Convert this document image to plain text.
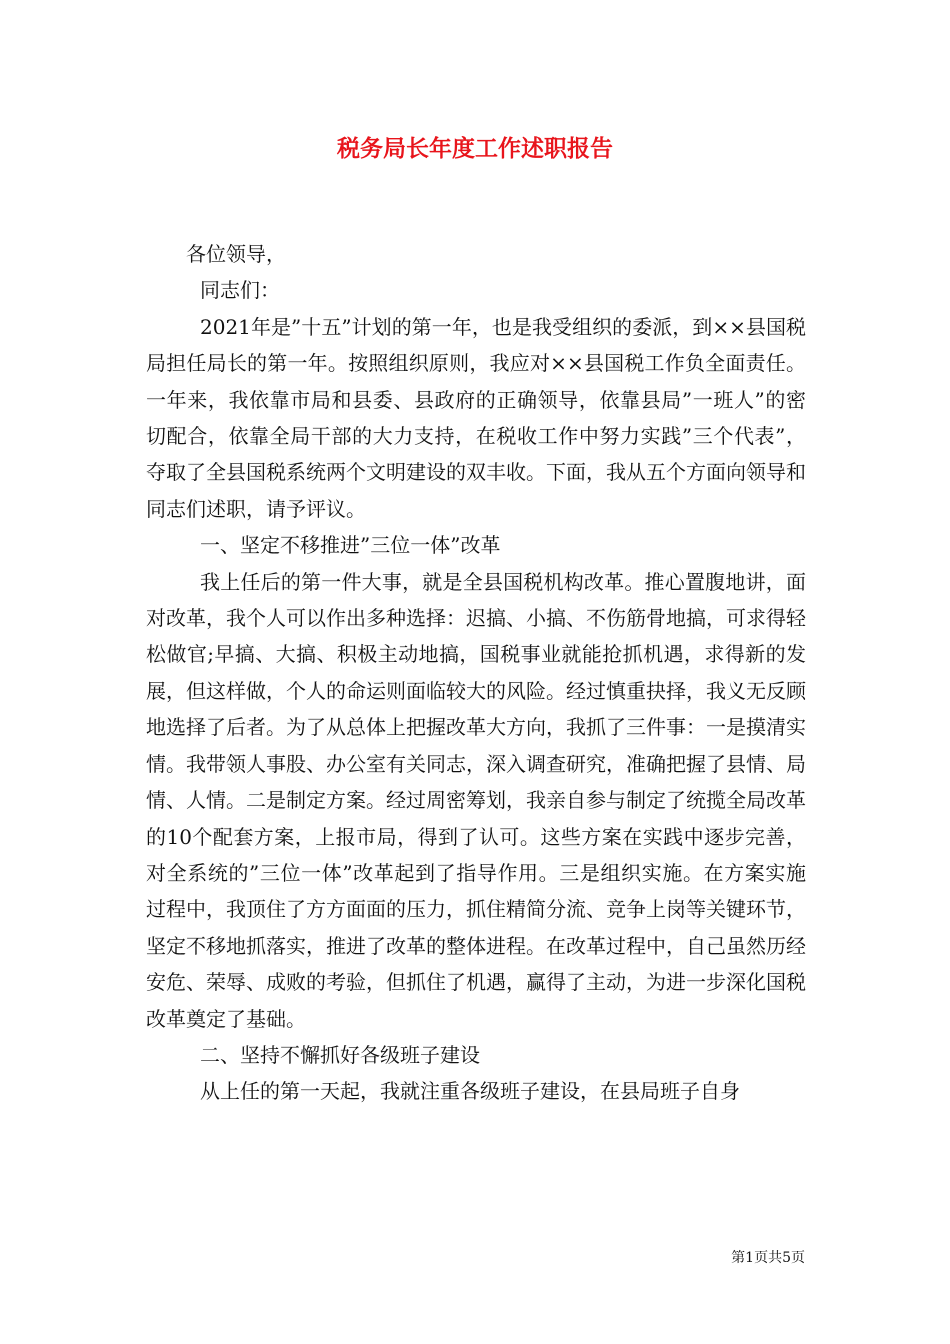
税务局长年度工作述职报告

各位领导，

同志们：

2021年是”十五”计划的第一年，也是我受组织的委派，到××县国税局担任局长的第一年。按照组织原则，我应对××县国税工作负全面责任。一年来，我依靠市局和县委、县政府的正确领导，依靠县局”一班人”的密切配合，依靠全局干部的大力支持，在税收工作中努力实践”三个代表”，夺取了全县国税系统两个文明建设的双丰收。下面，我从五个方面向领导和同志们述职，请予评议。

一、坚定不移推进”三位一体”改革

我上任后的第一件大事，就是全县国税机构改革。推心置腹地讲，面对改革，我个人可以作出多种选择：迟搞、小搞、不伤筋骨地搞，可求得轻松做官;早搞、大搞、积极主动地搞，国税事业就能抢抓机遇，求得新的发展，但这样做，个人的命运则面临较大的风险。经过慎重抉择，我义无反顾地选择了后者。为了从总体上把握改革大方向，我抓了三件事：一是摸清实情。我带领人事股、办公室有关同志，深入调查研究，准确把握了县情、局情、人情。二是制定方案。经过周密筹划，我亲自参与制定了统揽全局改革的10个配套方案，上报市局，得到了认可。这些方案在实践中逐步完善，对全系统的”三位一体”改革起到了指导作用。三是组织实施。在方案实施过程中，我顶住了方方面面的压力，抓住精简分流、竞争上岗等关键环节，坚定不移地抓落实，推进了改革的整体进程。在改革过程中，自己虽然历经安危、荣辱、成败的考验，但抓住了机遇，赢得了主动，为进一步深化国税改革奠定了基础。

二、坚持不懈抓好各级班子建设

从上任的第一天起，我就注重各级班子建设，在县局班子自身

第1页共5页
